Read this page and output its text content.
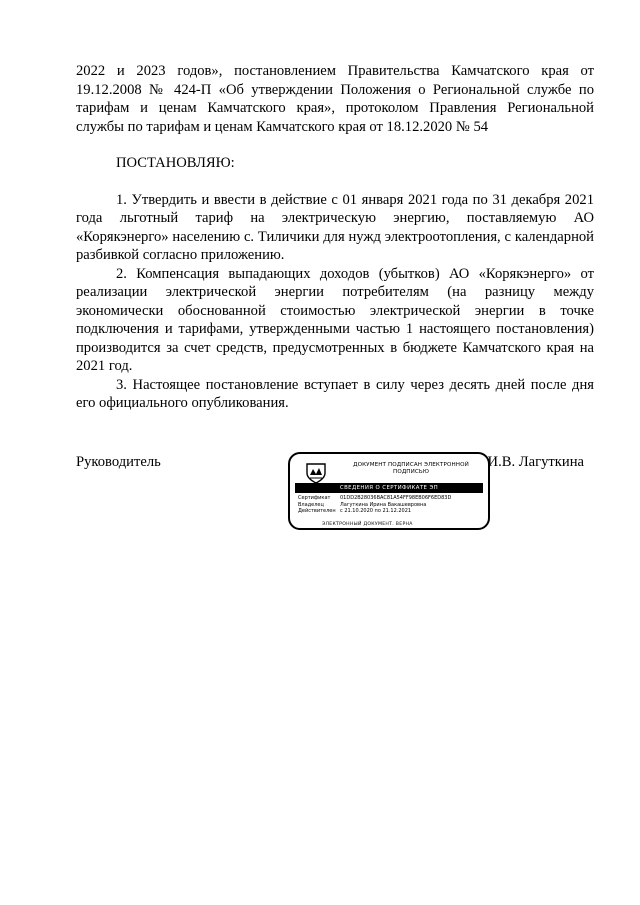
2022 и 2023 годов», постановлением Правительства Камчатского края от 19.12.2008 № 424-П «Об утверждении Положения о Региональной службе по тарифам и ценам Камчатского края», протоколом Правления Региональной службы по тарифам и ценам Камчатского края от 18.12.2020 № 54

ПОСТАНОВЛЯЮ:

1. Утвердить и ввести в действие с 01 января 2021 года по 31 декабря 2021 года льготный тариф на электрическую энергию, поставляемую АО «Корякэнерго» населению с. Тиличики для нужд электроотопления, с календарной разбивкой согласно приложению.

2. Компенсация выпадающих доходов (убытков) АО «Корякэнерго» от реализации электрической энергии потребителям (на разницу между экономически обоснованной стоимостью электрической энергии в точке подключения и тарифами, утвержденными частью 1 настоящего постановления) производится за счет средств, предусмотренных в бюджете Камчатского края на 2021 год.

3. Настоящее постановление вступает в силу через десять дней после дня его официального опубликования.

Руководитель	ДОКУМЕНТ ПОДПИСАН ЭЛЕКТРОННОЙ ПОДПИСЬЮ
СВЕДЕНИЯ О СЕРТИФИКАТЕ ЭП
Сертификат	01DD2B28036BAC81A54FF98EB06F6ED83D
Владелец	Лагуткина Ирина Вакашевровна
Действителен с 21.10.2020 по 21.12.2021
ЭЛЕКТРОННЫЙ ДОКУМЕНТ. ВЕРНА
И.В. Лагуткина
